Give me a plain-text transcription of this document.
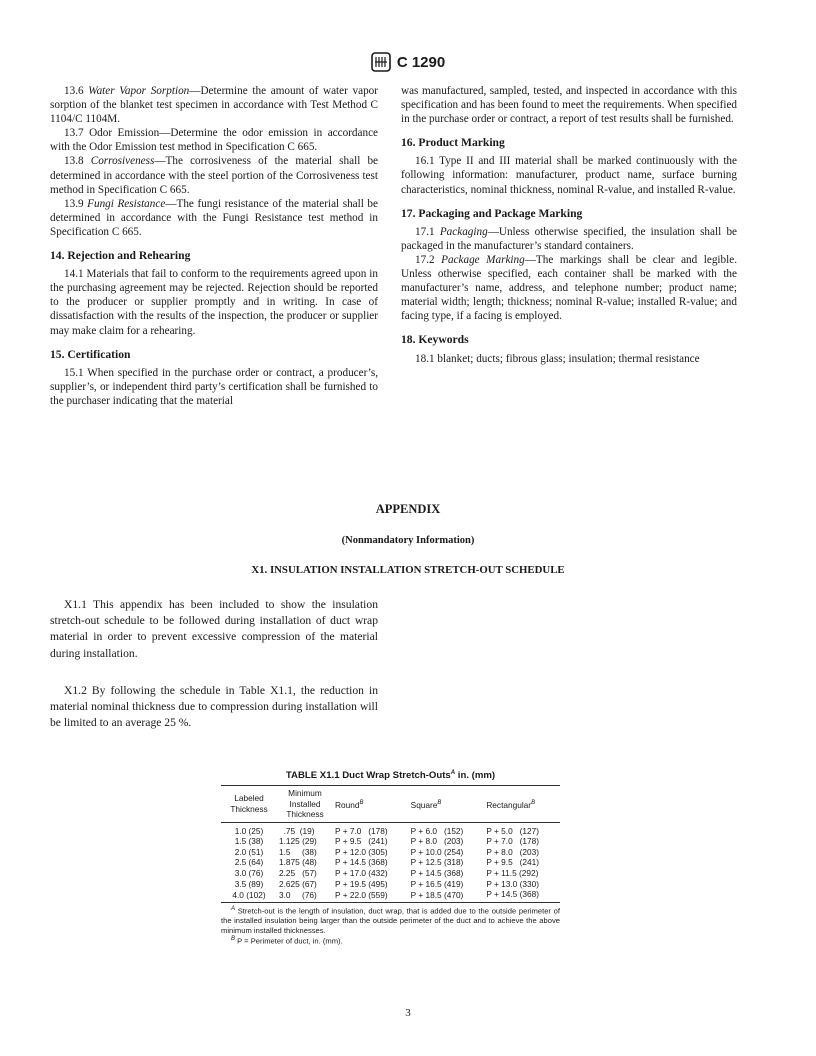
C 1290

13.6 Water Vapor Sorption—Determine the amount of water vapor sorption of the blanket test specimen in accordance with Test Method C 1104/C 1104M.

13.7 Odor Emission—Determine the odor emission in accordance with the Odor Emission test method in Specification C 665.

13.8 Corrosiveness—The corrosiveness of the material shall be determined in accordance with the steel portion of the Corrosiveness test method in Specification C 665.

13.9 Fungi Resistance—The fungi resistance of the material shall be determined in accordance with the Fungi Resistance test method in Specification C 665.

14. Rejection and Rehearing

14.1 Materials that fail to conform to the requirements agreed upon in the purchasing agreement may be rejected. Rejection should be reported to the producer or supplier promptly and in writing. In case of dissatisfaction with the results of the inspection, the producer or supplier may make claim for a rehearing.

15. Certification

15.1 When specified in the purchase order or contract, a producer’s, supplier’s, or independent third party’s certification shall be furnished to the purchaser indicating that the material

was manufactured, sampled, tested, and inspected in accordance with this specification and has been found to meet the requirements. When specified in the purchase order or contract, a report of test results shall be furnished.

16. Product Marking

16.1 Type II and III material shall be marked continuously with the following information: manufacturer, product name, surface burning characteristics, nominal thickness, nominal R-value, and installed R-value.

17. Packaging and Package Marking

17.1 Packaging—Unless otherwise specified, the insulation shall be packaged in the manufacturer’s standard containers.

17.2 Package Marking—The markings shall be clear and legible. Unless otherwise specified, each container shall be marked with the manufacturer’s name, address, and telephone number; product name; material width; length; thickness; nominal R-value; installed R-value; and facing type, if a facing is employed.

18. Keywords

18.1 blanket; ducts; fibrous glass; insulation; thermal resistance

APPENDIX
(Nonmandatory Information)
X1. INSULATION INSTALLATION STRETCH-OUT SCHEDULE

X1.1 This appendix has been included to show the insulation stretch-out schedule to be followed during installation of duct wrap material in order to prevent excessive compression of the material during installation.

X1.2 By following the schedule in Table X1.1, the reduction in material nominal thickness due to compression during installation will be limited to an average 25 %.

TABLE X1.1 Duct Wrap Stretch-Outs$^A$ in. (mm)
Labeled Thickness	Minimum Installed Thickness	Round$^B$	Square$^B$	Rectangular$^B$
1.0 (25)	.75  (19)	P + 7.0   (178)	P + 6.0   (152)	P + 5.0   (127)
1.5 (38)	1.125 (29)	P + 9.5   (241)	P + 8.0   (203)	P + 7.0   (178)
2.0 (51)	1.5     (38)	P + 12.0 (305)	P + 10.0 (254)	P + 8.0   (203)
2.5 (64)	1.875 (48)	P + 14.5 (368)	P + 12.5 (318)	P + 9.5   (241)
3.0 (76)	2.25   (57)	P + 17.0 (432)	P + 14.5 (368)	P + 11.5 (292)
3.5 (89)	2.625 (67)	P + 19.5 (495)	P + 16.5 (419)	P + 13.0 (330)
4.0 (102)	3.0     (76)	P + 22.0 (559)	P + 18.5 (470)	P + 14.5 (368)

$^A$ Stretch-out is the length of insulation, duct wrap, that is added due to the outside perimeter of the installed insulation being larger than the outside perimeter of the duct and to achieve the above minimum installed thicknesses.

$^B$ P = Perimeter of duct, in. (mm).

3
